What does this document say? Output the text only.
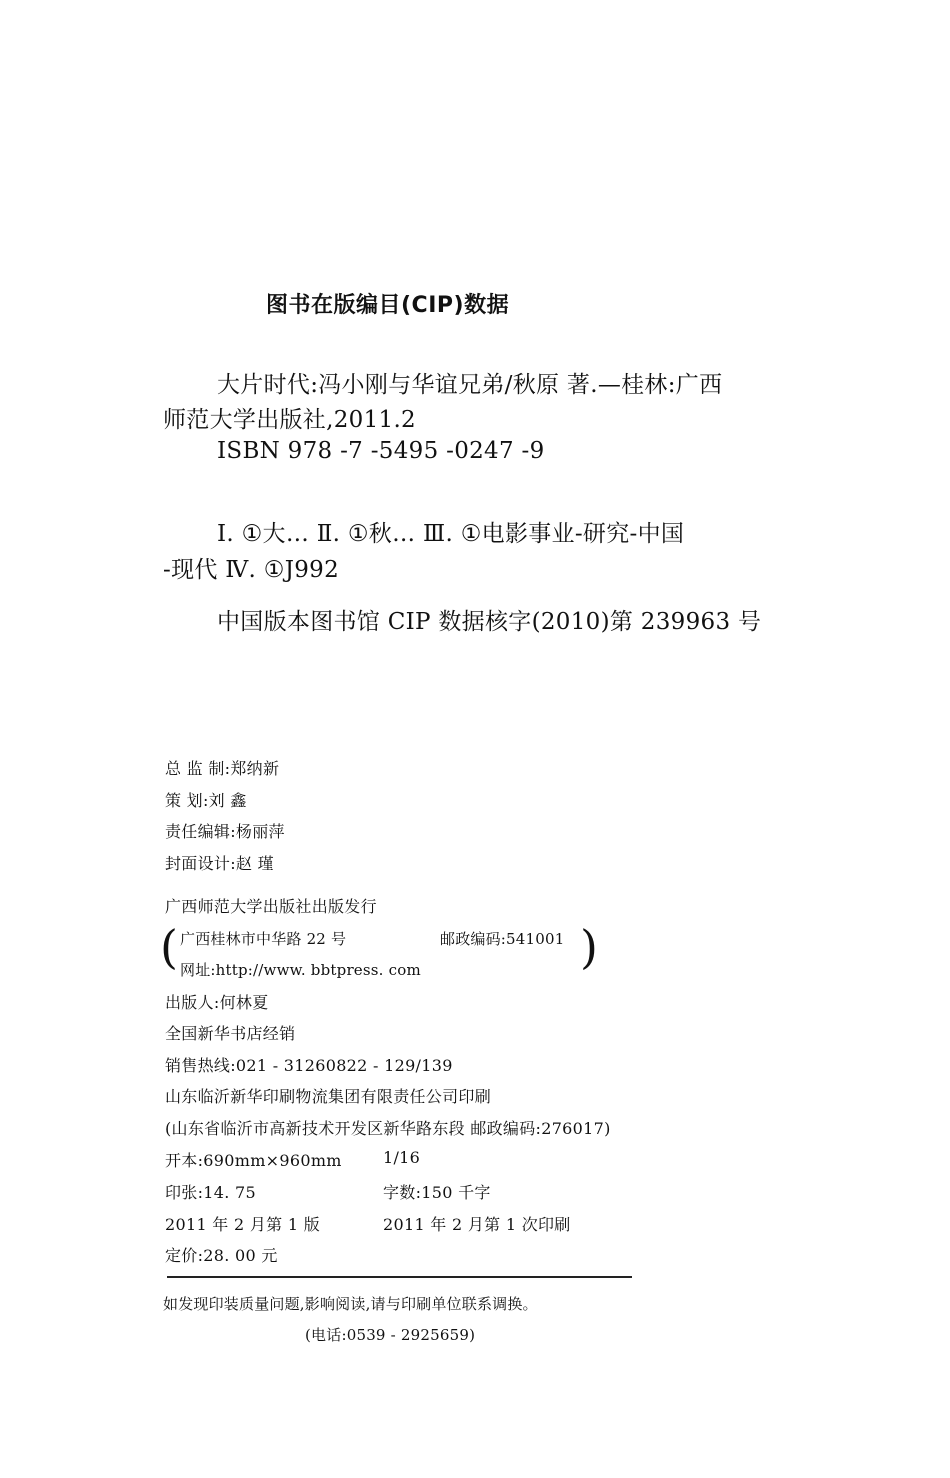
图书在版编目(CIP)数据
大片时代:冯小刚与华谊兄弟/秋原 著.—桂林:广西
师范大学出版社,2011.2
ISBN 978 -7 -5495 -0247 -9
Ⅰ. ①大… Ⅱ. ①秋… Ⅲ. ①电影事业-研究-中国
-现代 Ⅳ. ①J992
中国版本图书馆 CIP 数据核字(2010)第 239963 号
总 监 制:郑纳新
策 划:刘 鑫
责任编辑:杨丽萍
封面设计:赵 瑾
广西师范大学出版社出版发行
( 广西桂林市中华路 22 号	邮政编码:541001
网址:http://www. bbtpress. com	)
出版人:何林夏
全国新华书店经销
销售热线:021 - 31260822 - 129/139
山东临沂新华印刷物流集团有限责任公司印刷
(山东省临沂市高新技术开发区新华路东段 邮政编码:276017)
开本:690mm×960mm	1/16
印张:14. 75	字数:150 千字
2011 年 2 月第 1 版	2011 年 2 月第 1 次印刷
定价:28. 00 元
如发现印装质量问题,影响阅读,请与印刷单位联系调换。
(电话:0539 - 2925659)
